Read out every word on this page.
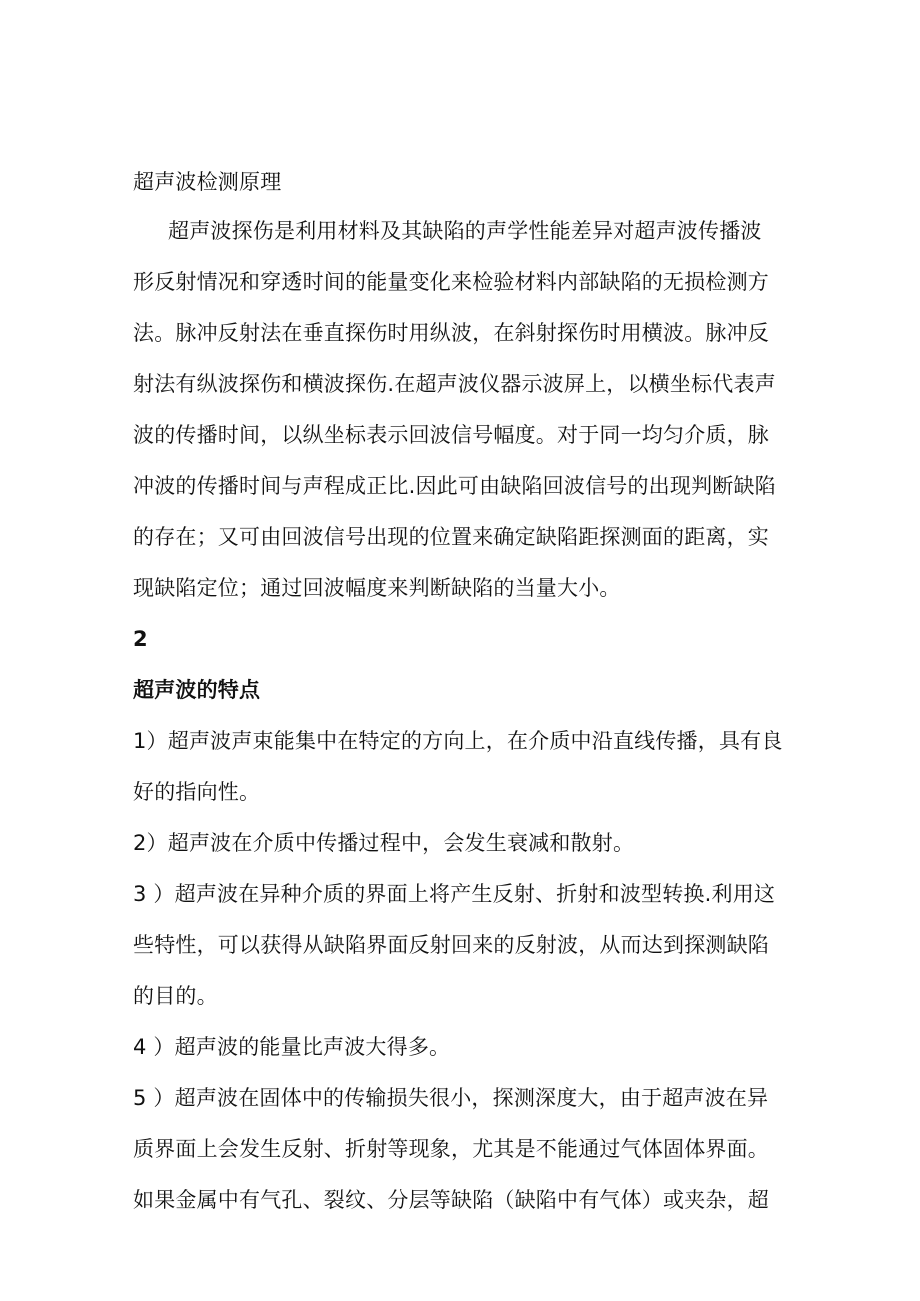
超声波检测原理

超声波探伤是利用材料及其缺陷的声学性能差异对超声波传播波

形反射情况和穿透时间的能量变化来检验材料内部缺陷的无损检测方

法。脉冲反射法在垂直探伤时用纵波，在斜射探伤时用横波。脉冲反

射法有纵波探伤和横波探伤.在超声波仪器示波屏上，以横坐标代表声

波的传播时间，以纵坐标表示回波信号幅度。对于同一均匀介质，脉

冲波的传播时间与声程成正比.因此可由缺陷回波信号的出现判断缺陷

的存在；又可由回波信号出现的位置来确定缺陷距探测面的距离，实

现缺陷定位；通过回波幅度来判断缺陷的当量大小。

2

超声波的特点

1）超声波声束能集中在特定的方向上，在介质中沿直线传播，具有良

好的指向性。

2）超声波在介质中传播过程中，会发生衰减和散射。

3 ）超声波在异种介质的界面上将产生反射、折射和波型转换.利用这

些特性，可以获得从缺陷界面反射回来的反射波，从而达到探测缺陷

的目的。

4 ）超声波的能量比声波大得多。

5 ）超声波在固体中的传输损失很小，探测深度大，由于超声波在异

质界面上会发生反射、折射等现象，尤其是不能通过气体固体界面。

如果金属中有气孔、裂纹、分层等缺陷（缺陷中有气体）或夹杂，超
